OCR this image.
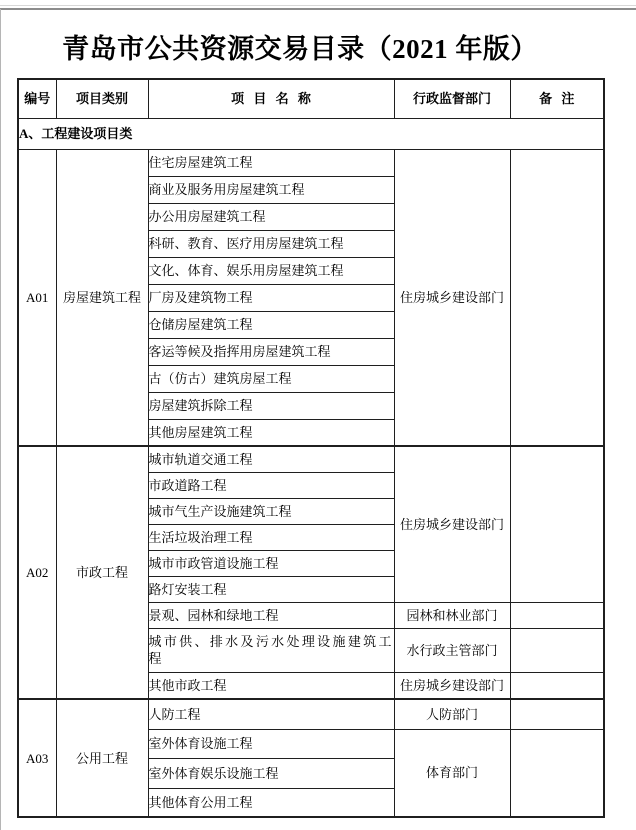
青岛市公共资源交易目录（2021 年版）
编号	项目类别	项 目 名 称	行政监督部门	备 注
A、工程建设项目类				
A01	房屋建筑工程	住宅房屋建筑工程	住房城乡建设部门	
		商业及服务用房屋建筑工程		
		办公用房屋建筑工程		
		科研、教育、医疗用房屋建筑工程		
		文化、体育、娱乐用房屋建筑工程		
		厂房及建筑物工程		
		仓储房屋建筑工程		
		客运等候及指挥用房屋建筑工程		
		古（仿古）建筑房屋工程		
		房屋建筑拆除工程		
		其他房屋建筑工程		
A02	市政工程	城市轨道交通工程	住房城乡建设部门	
		市政道路工程		
		城市气生产设施建筑工程		
		生活垃圾治理工程		
		城市市政管道设施工程		
		路灯安装工程		
		景观、园林和绿地工程	园林和林业部门	
		城市供、排水及污水处理设施建筑工程	水行政主管部门	
		其他市政工程	住房城乡建设部门	
A03	公用工程	人防工程	人防部门	
		室外体育设施工程	体育部门	
		室外体育娱乐设施工程		
		其他体育公用工程		
